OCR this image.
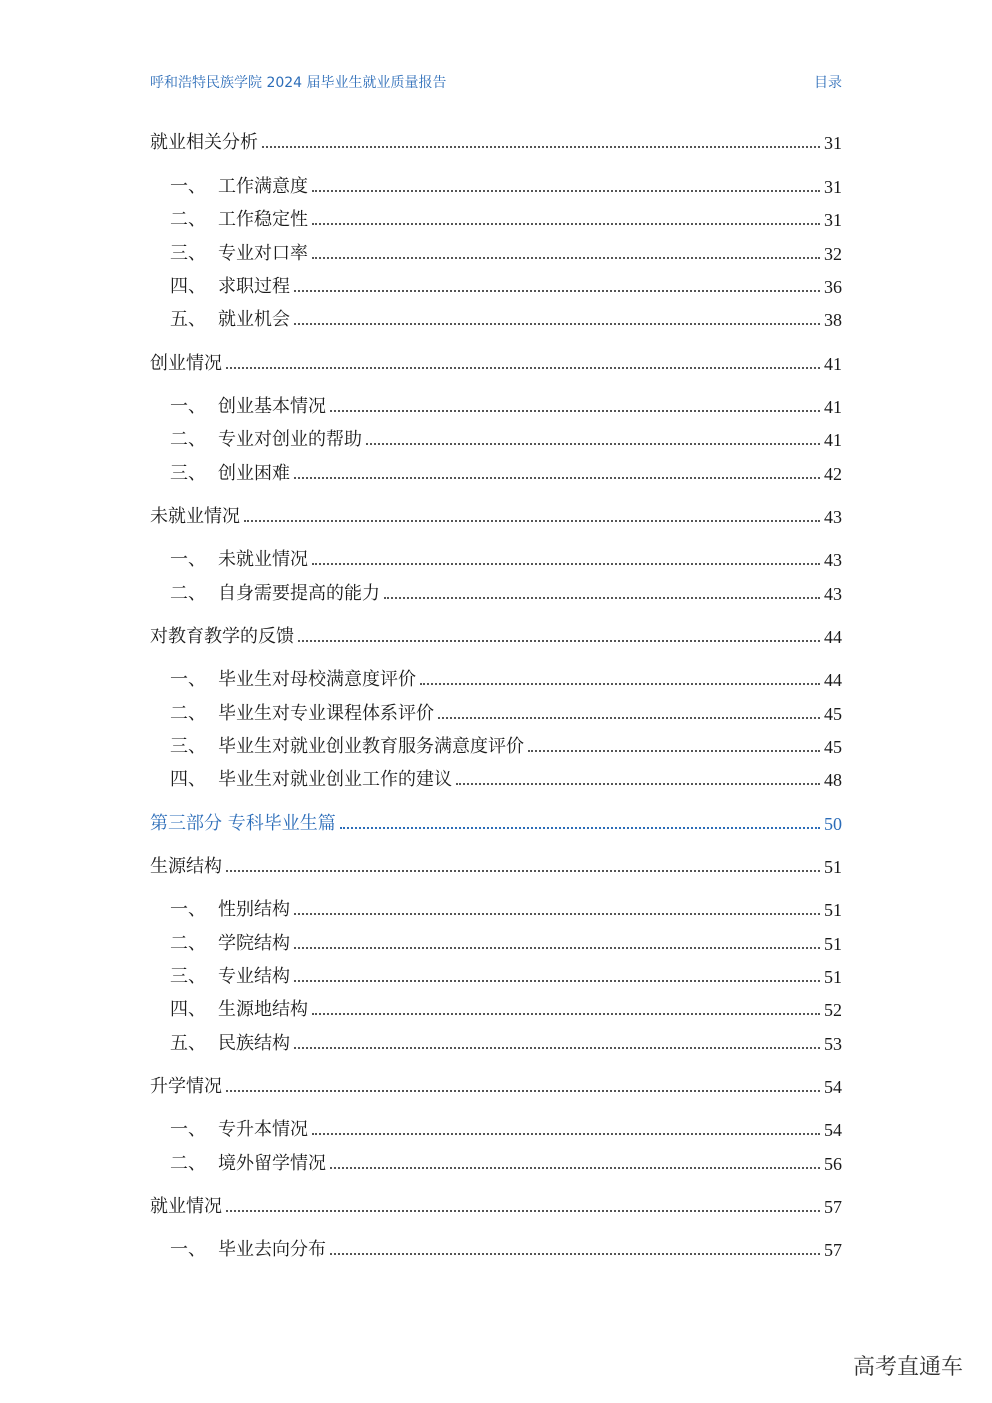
呼和浩特民族学院 2024 届毕业生就业质量报告	目录
就业相关分析	31
一、 工作满意度	31
二、 工作稳定性	31
三、 专业对口率	32
四、 求职过程	36
五、 就业机会	38
创业情况	41
一、 创业基本情况	41
二、 专业对创业的帮助	41
三、 创业困难	42
未就业情况	43
一、 未就业情况	43
二、 自身需要提高的能力	43
对教育教学的反馈	44
一、 毕业生对母校满意度评价	44
二、 毕业生对专业课程体系评价	45
三、 毕业生对就业创业教育服务满意度评价	45
四、 毕业生对就业创业工作的建议	48
第三部分 专科毕业生篇	50
生源结构	51
一、 性别结构	51
二、 学院结构	51
三、 专业结构	51
四、 生源地结构	52
五、 民族结构	53
升学情况	54
一、 专升本情况	54
二、 境外留学情况	56
就业情况	57
一、 毕业去向分布	57
高考直通车
